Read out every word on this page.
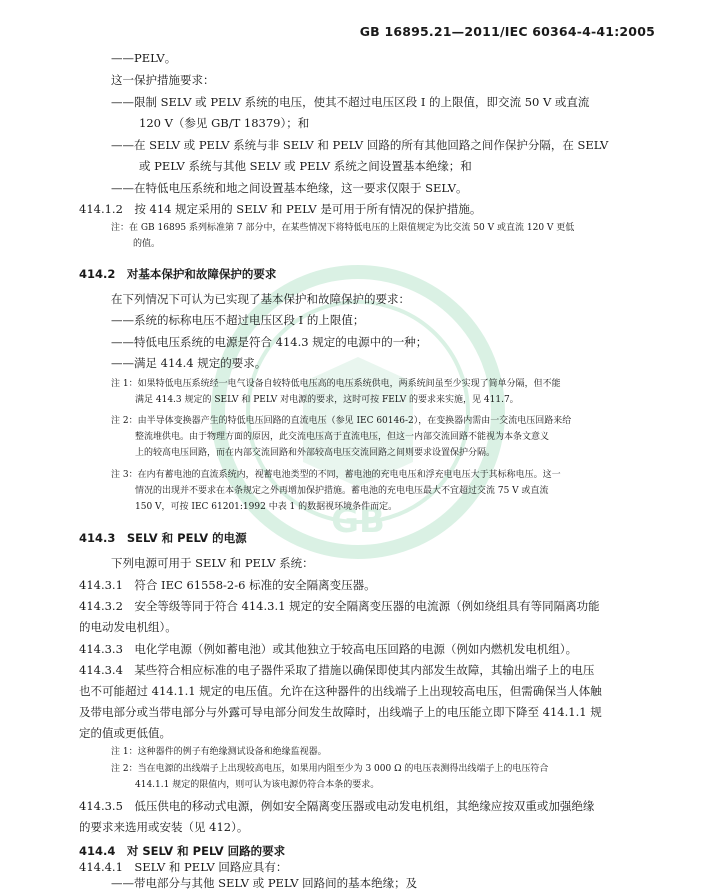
GB
GB 16895.21—2011/IEC 60364-4-41:2005
——PELV。
这一保护措施要求：
——限制 SELV 或 PELV 系统的电压，使其不超过电压区段 I 的上限值，即交流 50 V 或直流
120 V（参见 GB/T 18379）；和
——在 SELV 或 PELV 系统与非 SELV 和 PELV 回路的所有其他回路之间作保护分隔，在 SELV
或 PELV 系统与其他 SELV 或 PELV 系统之间设置基本绝缘；和
——在特低电压系统和地之间设置基本绝缘，这一要求仅限于 SELV。
414.1.2　按 414 规定采用的 SELV 和 PELV 是可用于所有情况的保护措施。
注：在 GB 16895 系列标准第 7 部分中，在某些情况下将特低电压的上限值规定为比交流 50 V 或直流 120 V 更低
的值。
414.2　对基本保护和故障保护的要求
在下列情况下可认为已实现了基本保护和故障保护的要求：
——系统的标称电压不超过电压区段 I 的上限值；
——特低电压系统的电源是符合 414.3 规定的电源中的一种；
——满足 414.4 规定的要求。
注 1：如果特低电压系统经一电气设备自较特低电压高的电压系统供电，两系统间虽至少实现了简单分隔，但不能
满足 414.3 规定的 SELV 和 PELV 对电源的要求，这时可按 FELV 的要求来实施，见 411.7。
注 2：由半导体变换器产生的特低电压回路的直流电压（参见 IEC 60146-2），在变换器内需由一交流电压回路来给
整流堆供电。由于物理方面的原因，此交流电压高于直流电压，但这一内部交流回路不能视为本条文意义
上的较高电压回路，而在内部交流回路和外部较高电压交流回路之间则要求设置保护分隔。
注 3：在内有蓄电池的直流系统内，视蓄电池类型的不同，蓄电池的充电电压和浮充电电压大于其标称电压。这一
情况的出现并不要求在本条规定之外再增加保护措施。蓄电池的充电电压最大不宜超过交流 75 V 或直流
150 V，可按 IEC 61201:1992 中表 1 的数据视环境条件而定。
414.3　SELV 和 PELV 的电源
下列电源可用于 SELV 和 PELV 系统：
414.3.1　符合 IEC 61558-2-6 标准的安全隔离变压器。
414.3.2　安全等级等同于符合 414.3.1 规定的安全隔离变压器的电流源（例如绕组具有等同隔离功能
的电动发电机组）。
414.3.3　电化学电源（例如蓄电池）或其他独立于较高电压回路的电源（例如内燃机发电机组）。
414.3.4　某些符合相应标准的电子器件采取了措施以确保即使其内部发生故障，其输出端子上的电压
也不可能超过 414.1.1 规定的电压值。允许在这种器件的出线端子上出现较高电压，但需确保当人体触
及带电部分或当带电部分与外露可导电部分间发生故障时，出线端子上的电压能立即下降至 414.1.1 规
定的值或更低值。
注 1：这种器件的例子有绝缘测试设备和绝缘监视器。
注 2：当在电源的出线端子上出现较高电压，如果用内阻至少为 3 000 Ω 的电压表测得出线端子上的电压符合
414.1.1 规定的限值内，则可认为该电源仍符合本条的要求。
414.3.5　低压供电的移动式电源，例如安全隔离变压器或电动发电机组，其绝缘应按双重或加强绝缘
的要求来选用或安装（见 412）。
414.4　对 SELV 和 PELV 回路的要求
414.4.1　SELV 和 PELV 回路应具有：
——带电部分与其他 SELV 或 PELV 回路间的基本绝缘；及
